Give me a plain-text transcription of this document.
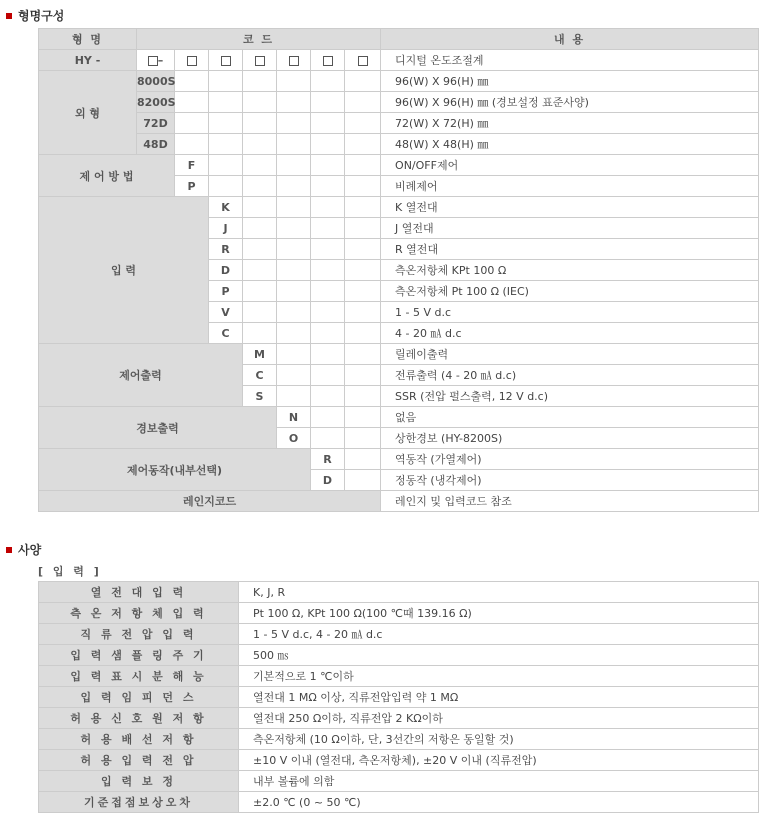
형명구성
형 명	코 드							내 용
HY -	–							디지털 온도조절계
외 형	8000S							96(W) X 96(H) ㎜
	8200S							96(W) X 96(H) ㎜ (경보설정 표준사양)
	72D							72(W) X 72(H) ㎜
	48D							48(W) X 48(H) ㎜
제 어 방 법		F						ON/OFF제어
		P						비례제어
입 력			K					K 열전대
			J					J 열전대
			R					R 열전대
			D					측온저항체 KPt 100 Ω
			P					측온저항체 Pt 100 Ω (IEC)
			V					1 - 5 V d.c
			C					4 - 20 ㎃ d.c
제어출력				M				릴레이출력
				C				전류출력 (4 - 20 ㎃ d.c)
				S				SSR (전압 펄스출력, 12 V d.c)
경보출력					N			없음
					O			상한경보 (HY-8200S)
제어동작(내부선택)						R		역동작 (가열제어)
						D		정동작 (냉각제어)
레인지코드								레인지 및 입력코드 참조
사양
[ 입 력 ]
열 전 대 입 력	K, J, R
측 온 저 항 체 입 력	Pt 100 Ω, KPt 100 Ω(100 ℃때 139.16 Ω)
직 류 전 압 입 력	1 - 5 V d.c, 4 - 20 ㎃ d.c
입 력 샘 플 링 주 기	500 ㎳
입 력 표 시 분 해 능	기본적으로 1 ℃이하
입 력 임 피 던 스	열전대 1 MΩ 이상, 직류전압입력 약 1 MΩ
허 용 신 호 원 저 항	열전대 250 Ω이하, 직류전압 2 KΩ이하
허 용 배 선 저 항	측온저항체 (10 Ω이하, 단, 3선간의 저항은 동일할 것)
허 용 입 력 전 압	±10 V 이내 (열전대, 측온저항체), ±20 V 이내 (직류전압)
입 력 보 정	내부 볼륨에 의함
기준접점보상오차	±2.0 ℃ (0 ~ 50 ℃)
